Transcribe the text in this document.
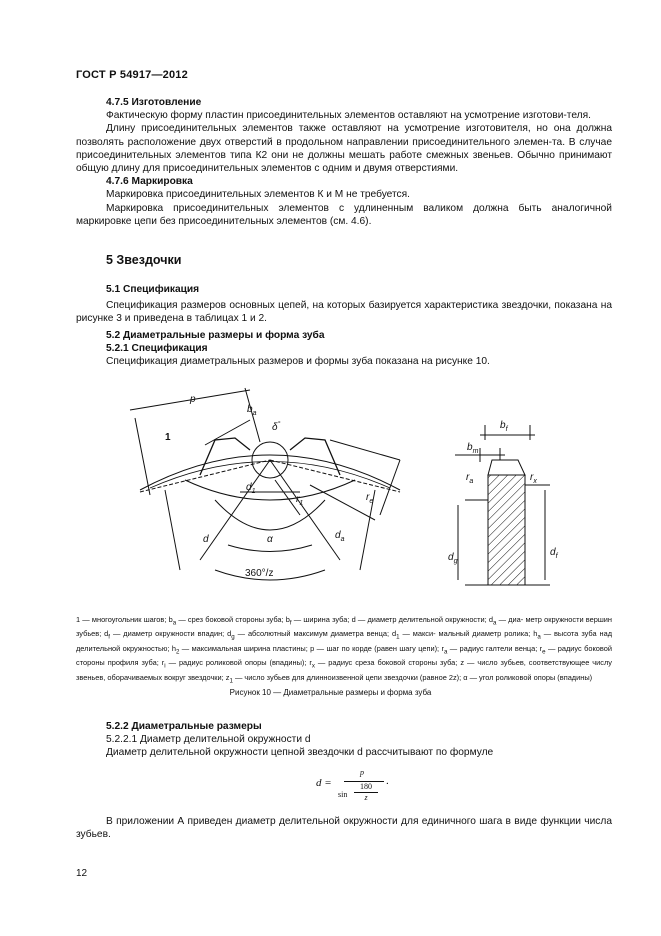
ГОСТ Р 54917—2012

4.7.5 Изготовление

Фактическую форму пластин присоединительных элементов оставляют на усмотрение изготови-теля.

Длину присоединительных элементов также оставляют на усмотрение изготовителя, но она должна позволять расположение двух отверстий в продольном направлении присоединительного элемен-та. В случае присоединительных элементов типа К2 они не должны мешать работе смежных звеньев. Обычно принимают общую длину для присоединительных элементов с одним и двумя отверстиями.

4.7.6 Маркировка

Маркировка присоединительных элементов К и М не требуется.

Маркировка присоединительных элементов с удлиненным валиком должна быть аналогичной маркировке цепи без присоединительных элементов (см. 4.6).

5 Звездочки

5.1 Спецификация

Спецификация размеров основных цепей, на которых базируется характеристика звездочки, показана на рисунке 3 и приведена в таблицах 1 и 2.

5.2 Диаметральные размеры и форма зуба

5.2.1 Спецификация

Спецификация диаметральных размеров и формы зуба показана на рисунке 10.

p
$b_a$
1
δ°
$d_1$
$r_1$
$r_e$
α
d	$d_a$
360°/z
$b_f$
$b_m$
$r_x$
$r_a$
$d_g$
$d_f$
1 — многоугольник шагов; $b_a$ — срез боковой стороны зуба; $b_f$ — ширина зуба; d — диаметр делительной окружности; $d_a$ — диа- метр окружности вершин зубьев; $d_f$ — диаметр окружности впадин; $d_g$ — абсолютный максимум диаметра венца; $d_1$ — макси- мальный диаметр ролика; $h_a$ — высота зуба над делительной окружностью; $h_2$ — максимальная ширина пластины; p — шаг по корде (равен шагу цепи); $r_a$ — радиус галтели венца; $r_e$ — радиус боковой стороны профиля зуба; $r_i$ — радиус роликовой опоры (впадины); $r_x$ — радиус среза боковой стороны зуба; z — число зубьев, соответствующее числу звеньев, оборачиваемых вокруг звездочки; $z_1$ — число зубьев для длинноизвенной цепи звездочки (равное 2z); α — угол роликовой опоры (впадины)
Рисунок 10 — Диаметральные размеры и форма зуба

5.2.2 Диаметральные размеры

5.2.2.1 Диаметр делительной окружности d

Диаметр делительной окружности цепной звездочки d рассчитывают по формуле

d =
p
sin
180
z
.

В приложении А приведен диаметр делительной окружности для единичного шага в виде функции числа зубьев.

12
